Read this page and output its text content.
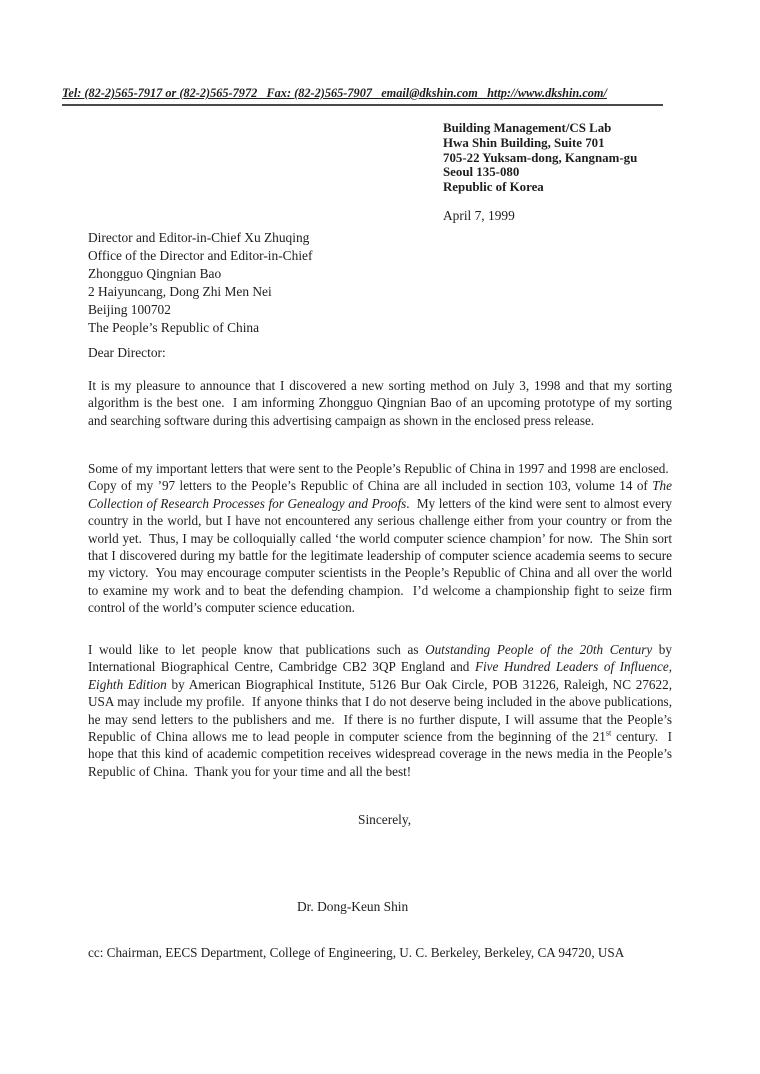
Tel: (82-2)565-7917 or (82-2)565-7972   Fax: (82-2)565-7907   email@dkshin.com   http://www.dkshin.com/
Building Management/CS Lab
Hwa Shin Building, Suite 701
705-22 Yuksam-dong, Kangnam-gu
Seoul 135-080
Republic of Korea
April 7, 1999
Director and Editor-in-Chief Xu Zhuqing
Office of the Director and Editor-in-Chief
Zhongguo Qingnian Bao
2 Haiyuncang, Dong Zhi Men Nei
Beijing 100702
The People’s Republic of China
Dear Director:

It is my pleasure to announce that I discovered a new sorting method on July 3, 1998 and that my sorting algorithm is the best one.  I am informing Zhongguo Qingnian Bao of an upcoming prototype of my sorting and searching software during this advertising campaign as shown in the enclosed press release.

Some of my important letters that were sent to the People’s Republic of China in 1997 and 1998 are enclosed.  Copy of my ’97 letters to the People’s Republic of China are all included in section 103, volume 14 of The Collection of Research Processes for Genealogy and Proofs.  My letters of the kind were sent to almost every country in the world, but I have not encountered any serious challenge either from your country or from the world yet.  Thus, I may be colloquially called ‘the world computer science champion’ for now.  The Shin sort that I discovered during my battle for the legitimate leadership of computer science academia seems to secure my victory.  You may encourage computer scientists in the People’s Republic of China and all over the world to examine my work and to beat the defending champion.  I’d welcome a championship fight to seize firm control of the world’s computer science education.

I would like to let people know that publications such as Outstanding People of the 20th Century by International Biographical Centre, Cambridge CB2 3QP England and Five Hundred Leaders of Influence, Eighth Edition by American Biographical Institute, 5126 Bur Oak Circle, POB 31226, Raleigh, NC 27622, USA may include my profile.  If anyone thinks that I do not deserve being included in the above publications, he may send letters to the publishers and me.  If there is no further dispute, I will assume that the People’s Republic of China allows me to lead people in computer science from the beginning of the 21st century.  I hope that this kind of academic competition receives widespread coverage in the news media in the People’s Republic of China.  Thank you for your time and all the best!

Sincerely,
Dr. Dong-Keun Shin
cc: Chairman, EECS Department, College of Engineering, U. C. Berkeley, Berkeley, CA 94720, USA
